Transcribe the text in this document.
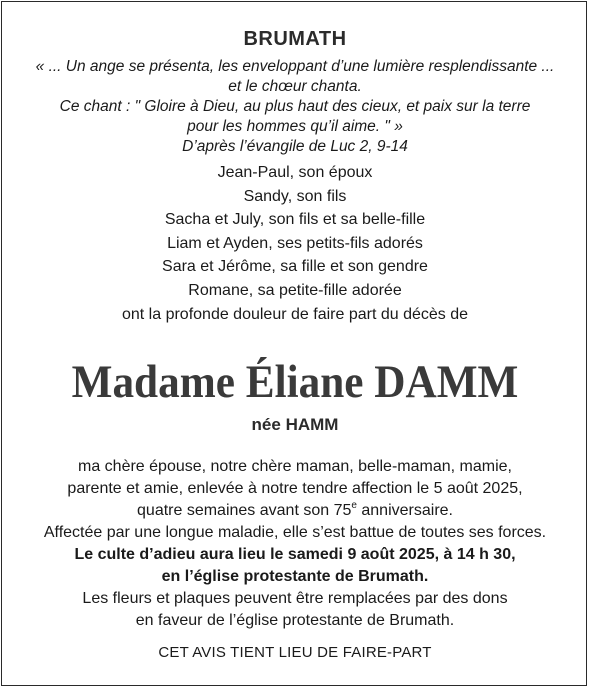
BRUMATH
« ... Un ange se présenta, les enveloppant d’une lumière resplendissante ...
et le chœur chanta.
Ce chant : " Gloire à Dieu, au plus haut des cieux, et paix sur la terre
pour les hommes qu’il aime. " »
D’après l’évangile de Luc 2, 9-14
Jean-Paul, son époux
Sandy, son fils
Sacha et July, son fils et sa belle-fille
Liam et Ayden, ses petits-fils adorés
Sara et Jérôme, sa fille et son gendre
Romane, sa petite-fille adorée
ont la profonde douleur de faire part du décès de
Madame Éliane DAMM
née HAMM
ma chère épouse, notre chère maman, belle-maman, mamie,
parente et amie, enlevée à notre tendre affection le 5 août 2025,
quatre semaines avant son 75e anniversaire.
Affectée par une longue maladie, elle s’est battue de toutes ses forces.
Le culte d’adieu aura lieu le samedi 9 août 2025, à 14 h 30,
en l’église protestante de Brumath.
Les fleurs et plaques peuvent être remplacées par des dons
en faveur de l’église protestante de Brumath.
CET AVIS TIENT LIEU DE FAIRE-PART
